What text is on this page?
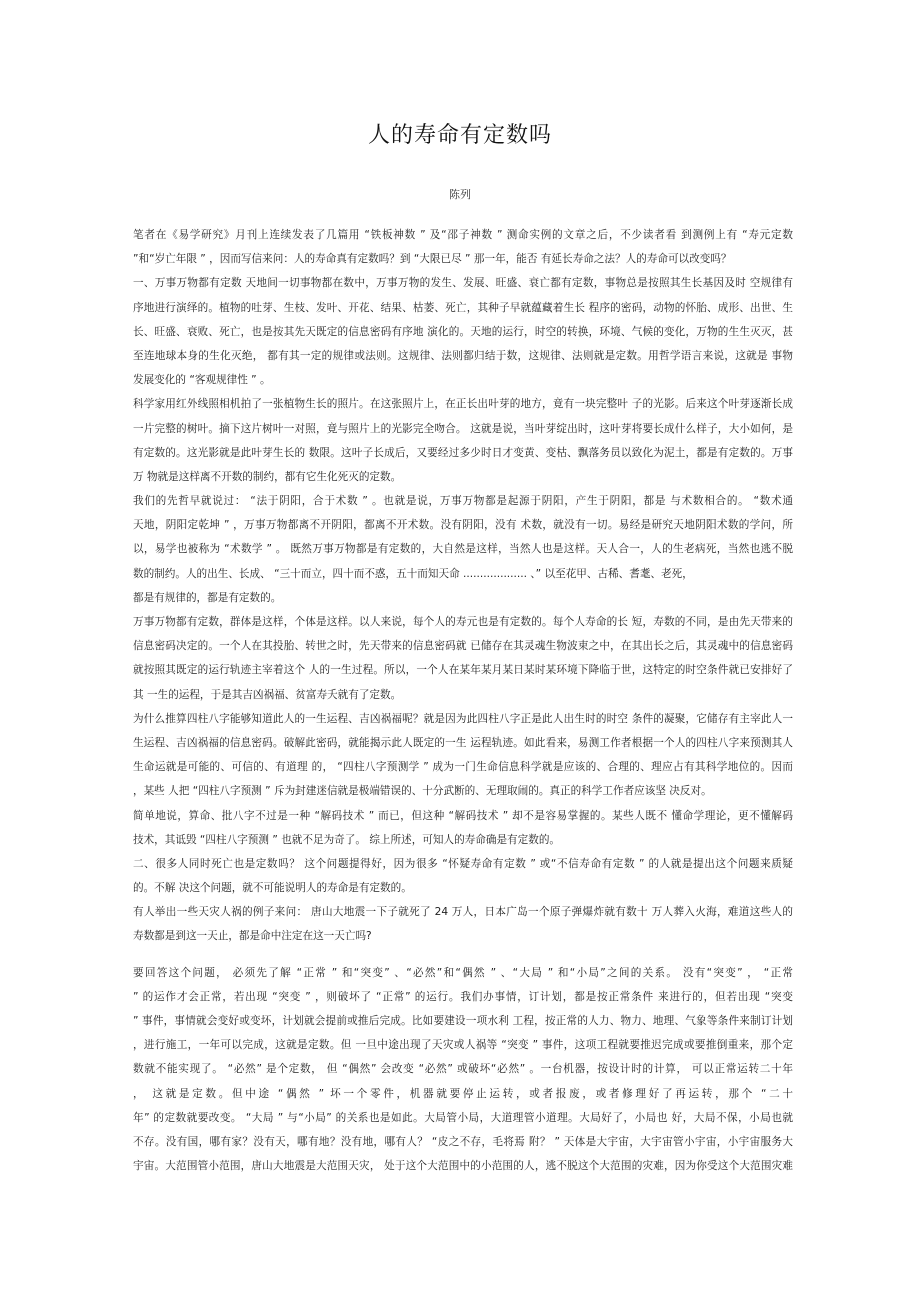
人的寿命有定数吗
陈列
笔者在《易学研究》月刊上连续发表了几篇用 “铁板神数 ” 及“邵子神数 ” 测命实例的文章之后，不少读者看 到测例上有 “寿元定数
”和“岁亡年限 ” ，因而写信来问：人的寿命真有定数吗？到 “大限已尽 ” 那一年，能否 有延长寿命之法？人的寿命可以改变吗？
一、万事万物都有定数 天地间一切事物都在数中，万事万物的发生、发展、旺盛、衰亡都有定数，事物总是按照其生长基因及时 空规律有
序地进行演绎的。植物的吐芽、生枝、发叶、开花、结果、枯萎、死亡，其种子早就蕴藏着生长 程序的密码，动物的怀胎、成形、出世、生
长、旺盛、衰败、死亡，也是按其先天既定的信息密码有序地 演化的。天地的运行，时空的转换，环境、气候的变化，万物的生生灭灭，甚
至连地球本身的生化灭绝， 都有其一定的规律或法则。这规律、法则都归结于数，这规律、法则就是定数。用哲学语言来说，这就是 事物
发展变化的 “客观规律性 ” 。
科学家用红外线照相机拍了一张植物生长的照片。在这张照片上，在正长出叶芽的地方，竟有一块完整叶 子的光影。后来这个叶芽逐渐长成
一片完整的树叶。摘下这片树叶一对照，竟与照片上的光影完全吻合。 这就是说，当叶芽绽出时，这叶芽将要长成什么样子，大小如何，是
有定数的。这光影就是此叶芽生长的 数限。这叶子长成后，又要经过多少时日才变黄、变枯、飘落务员以致化为泥土，都是有定数的。万事
万 物就是这样离不开数的制约，都有它生化死灭的定数。
我们的先哲早就说过： “法于阴阳，合于术数 ” 。也就是说，万事万物都是起源于阴阳，产生于阴阳，都是 与术数相合的。 “数术通
天地，阴阳定乾坤 ” ，万事万物都离不开阴阳，都离不开术数。没有阴阳，没有 术数，就没有一切。易经是研究天地阴阳术数的学问，所
以，易学也被称为 “术数学 ” 。 既然万事万物都是有定数的，大自然是这样，当然人也是这样。天人合一，人的生老病死，当然也逃不脱
数的制约。人的出生、长成、 “三十而立，四十而不惑，五十而知天命 ................... 、” 以至花甲、古稀、耆耄、老死，
都是有规律的，都是有定数的。
万事万物都有定数，群体是这样，个体是这样。以人来说，每个人的寿元也是有定数的。每个人寿命的长 短，寿数的不同，是由先天带来的
信息密码决定的。一个人在其投胎、转世之时，先天带来的信息密码就 已储存在其灵魂生物波束之中，在其出长之后，其灵魂中的信息密码
就按照其既定的运行轨迹主宰着这个 人的一生过程。所以，一个人在某年某月某日某时某环境下降临于世，这特定的时空条件就已安排好了
其 一生的运程，于是其吉凶祸福、贫富寿夭就有了定数。
为什么推算四柱八字能够知道此人的一生运程、吉凶祸福呢？就是因为此四柱八字正是此人出生时的时空 条件的凝聚，它储存有主宰此人一
生运程、吉凶祸福的信息密码。破解此密码，就能揭示此人既定的一生 运程轨迹。如此看来，易测工作者根据一个人的四柱八字来预测其人
生命运就是可能的、可信的、有道理 的， “四柱八字预测学 ” 成为一门生命信息科学就是应该的、合理的、理应占有其科学地位的。因而
，某些 人把 “四柱八字预测 ” 斥为封建迷信就是极端错误的、十分武断的、无理取闹的。真正的科学工作者应该坚 决反对。
简单地说，算命、批八字不过是一种 “解码技术 ” 而已，但这种 “解码技术 ” 却不是容易掌握的。某些人既不 懂命学理论，更不懂解码
技术，其诋毁 “四柱八字预测 ” 也就不足为奇了。 综上所述，可知人的寿命确是有定数的。
二、很多人同时死亡也是定数吗？ 这个问题提得好，因为很多 “怀疑寿命有定数 ” 或“不信寿命有定数 ” 的人就是提出这个问题来质疑
的。不解 决这个问题，就不可能说明人的寿命是有定数的。
有人举出一些天灾人祸的例子来问： 唐山大地震一下子就死了 24 万人，日本广岛一个原子弹爆炸就有数十 万人葬入火海，难道这些人的
寿数都是到这一天止，都是命中注定在这一天亡吗?
要回答这个问题， 必须先了解 “正常 ” 和“突变” 、“必然”和“偶然 ” 、“大局 ” 和“小局”之间的关系。 没有“突变” ， “正常
” 的运作才会正常，若出现 “突变 ” ，则破坏了 “正常” 的运行。我们办事情，订计划，都是按正常条件 来进行的，但若出现 “突变
” 事件，事情就会变好或变坏，计划就会提前或推后完成。比如要建设一项水利 工程，按正常的人力、物力、地理、气象等条件来制订计划
，进行施工，一年可以完成，这就是定数。但 一旦中途出现了天灾或人祸等 “突变 ” 事件，这项工程就要推迟完成或要推倒重来，那个定
数就不能实现了。 “必然” 是个定数， 但 “偶然” 会改变 “必然” 或破坏“必然” 。一台机器，按设计时的计算， 可以正常运转二十年
， 这就是定数。但中途 “偶然 ” 坏一个零件，机器就要停止运转，或者报废，或者修理好了再运转，那个 “二十
年” 的定数就要改变。 “大局 ” 与“小局” 的关系也是如此。大局管小局，大道理管小道理。大局好了，小局也 好，大局不保，小局也就
不存。没有国，哪有家？没有天，哪有地？没有地，哪有人？ “皮之不存，毛将焉 附？ ” 天体是大宇宙，大宇宙管小宇宙，小宇宙服务大
宇宙。大范围管小范围，唐山大地震是大范围天灾， 处于这个大范围中的小范围的人，逃不脱这个大范围的灾难，因为你受这个大范围灾难
